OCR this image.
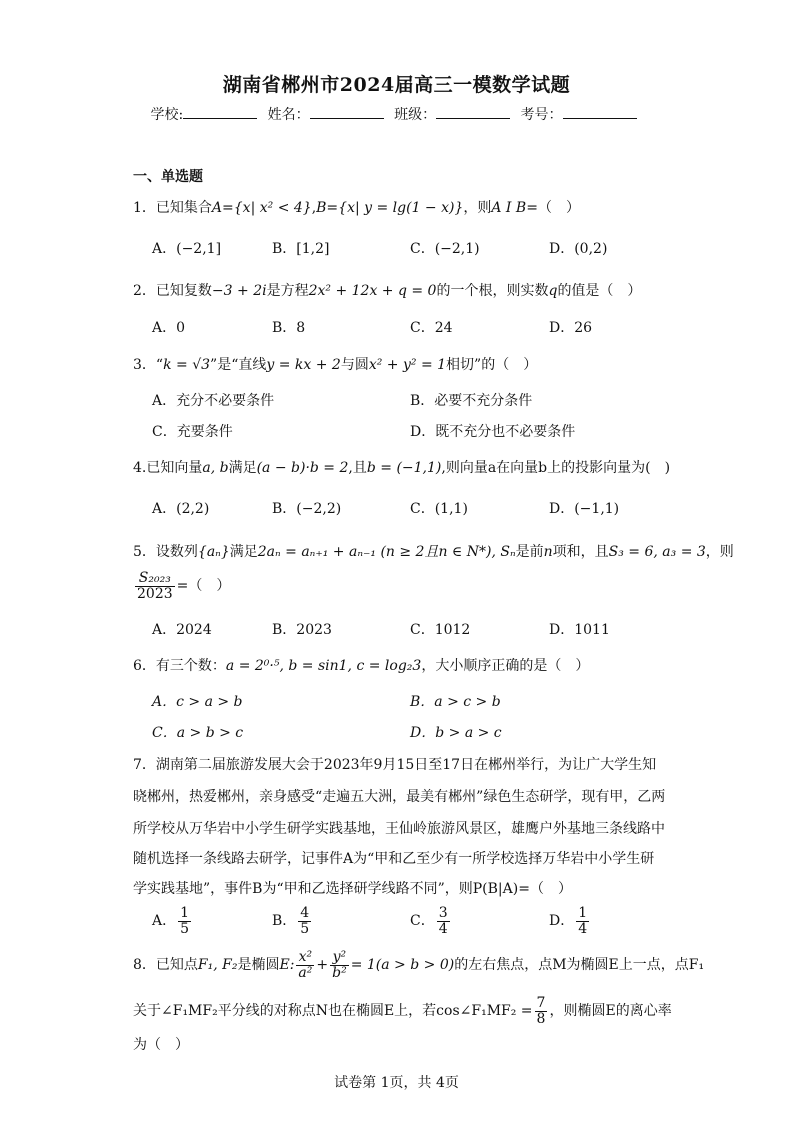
湖南省郴州市2024届高三一模数学试题
学校:	姓名：	班级：	考号：
一、单选题
1．已知集合A={x| x² < 4},B={x| y = lg(1 − x)}，则A I B=（　）
A．(−2,1]	B．[1,2]	C．(−2,1)	D．(0,2)
2．已知复数−3 + 2i是方程2x² + 12x + q = 0的一个根，则实数q的值是（　）
A．0	B．8	C．24	D．26
3．“k = √3”是“直线y = kx + 2与圆x² + y² = 1相切”的（　）
A．充分不必要条件	B．必要不充分条件
C．充要条件	D．既不充分也不必要条件
4.已知向量a, b满足(a − b)·b = 2,且b = (−1,1),则向量a在向量b上的投影向量为(　)
A．(2,2)	B．(−2,2)	C．(1,1)	D．(−1,1)
5．设数列{aₙ}满足2aₙ = aₙ₊₁ + aₙ₋₁ (n ≥ 2且n ∈ N*), Sₙ是前n项和，且S₃ = 6, a₃ = 3，则
$\frac{\text{S₂₀₂₃}}{2023}$ =（　）
A．2024	B．2023	C．1012	D．1011
6．有三个数：a = 2⁰·⁵, b = sin1, c = log₂3，大小顺序正确的是（　）
A．c > a > b	B．a > c > b
C．a > b > c	D．b > a > c
7．湖南第二届旅游发展大会于2023年9月15日至17日在郴州举行，为让广大学生知
晓郴州，热爱郴州，亲身感受“走遍五大洲，最美有郴州”绿色生态研学，现有甲，乙两
所学校从万华岩中小学生研学实践基地，王仙岭旅游风景区，雄鹰户外基地三条线路中
随机选择一条线路去研学，记事件A为“甲和乙至少有一所学校选择万华岩中小学生研
学实践基地”，事件B为“甲和乙选择研学线路不同”，则P(B|A)=（　）
A． $\frac{1}{5}$	B． $\frac{4}{5}$	C． $\frac{3}{4}$	D． $\frac{1}{4}$
8．已知点F₁, F₂是椭圆E: $\frac{\text{x²}}{\text{a²}} + \frac{\text{y²}}{\text{b²}} = 1(a > b > 0)$的左右焦点，点M为椭圆E上一点，点F₁
关于∠F₁MF₂平分线的对称点N也在椭圆E上，若cos∠F₁MF₂ = $\frac{7}{8}$ ，则椭圆E的离心率
为（　）
试卷第 1页，共 4页
